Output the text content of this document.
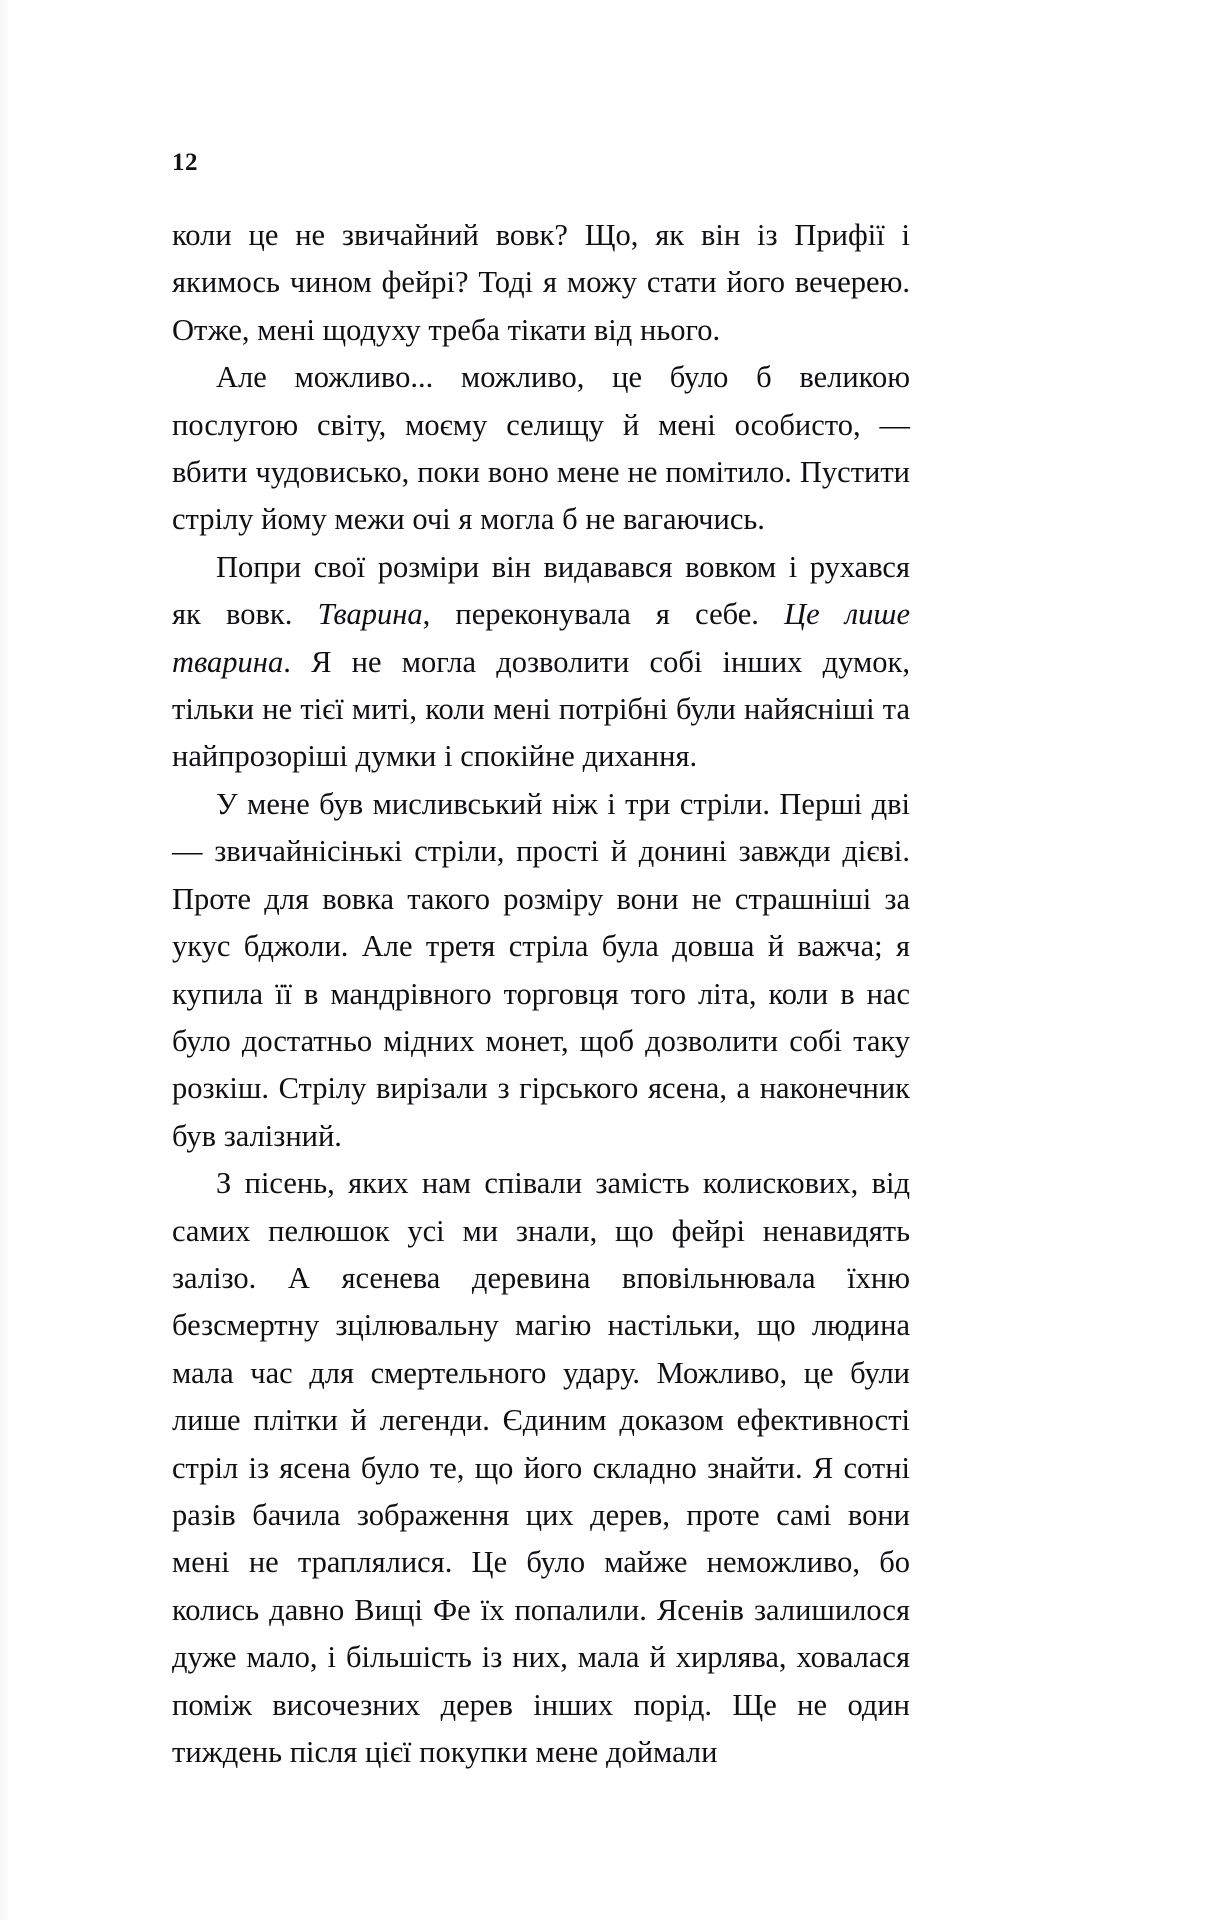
12

коли це не звичайний вовк? Що, як він із Прифії і якимось чином фейрі? Тоді я можу стати його вечерею. Отже, мені щодуху треба тікати від нього.

Але можливо... можливо, це було б великою послугою світу, моєму селищу й мені особисто, — вбити чудовисько, поки воно мене не помітило. Пустити стрілу йому межи очі я могла б не вагаючись.

Попри свої розміри він видавався вовком і рухався як вовк. Тварина, переконувала я себе. Це лише тварина. Я не могла дозволити собі інших думок, тільки не тієї миті, коли мені потрібні були найясніші та найпрозоріші думки і спокійне дихання.

У мене був мисливський ніж і три стріли. Перші дві — звичайнісінькі стріли, прості й донині завжди дієві. Проте для вовка такого розміру вони не страшніші за укус бджоли. Але третя стріла була довша й важча; я купила її в мандрівного торговця того літа, коли в нас було достатньо мідних монет, щоб дозволити собі таку розкіш. Стрілу вирізали з гірського ясена, а наконечник був залізний.

З пісень, яких нам співали замість колискових, від самих пелюшок усі ми знали, що фейрі ненавидять залізо. А ясенева деревина вповільнювала їхню безсмертну зцілювальну магію настільки, що людина мала час для смертельного удару. Можливо, це були лише плітки й легенди. Єдиним доказом ефективності стріл із ясена було те, що його складно знайти. Я сотні разів бачила зображення цих дерев, проте самі вони мені не траплялися. Це було майже неможливо, бо колись давно Вищі Фе їх попалили. Ясенів залишилося дуже мало, і більшість із них, мала й хирлява, ховалася поміж височезних дерев інших порід. Ще не один тиждень після цієї покупки мене доймали
